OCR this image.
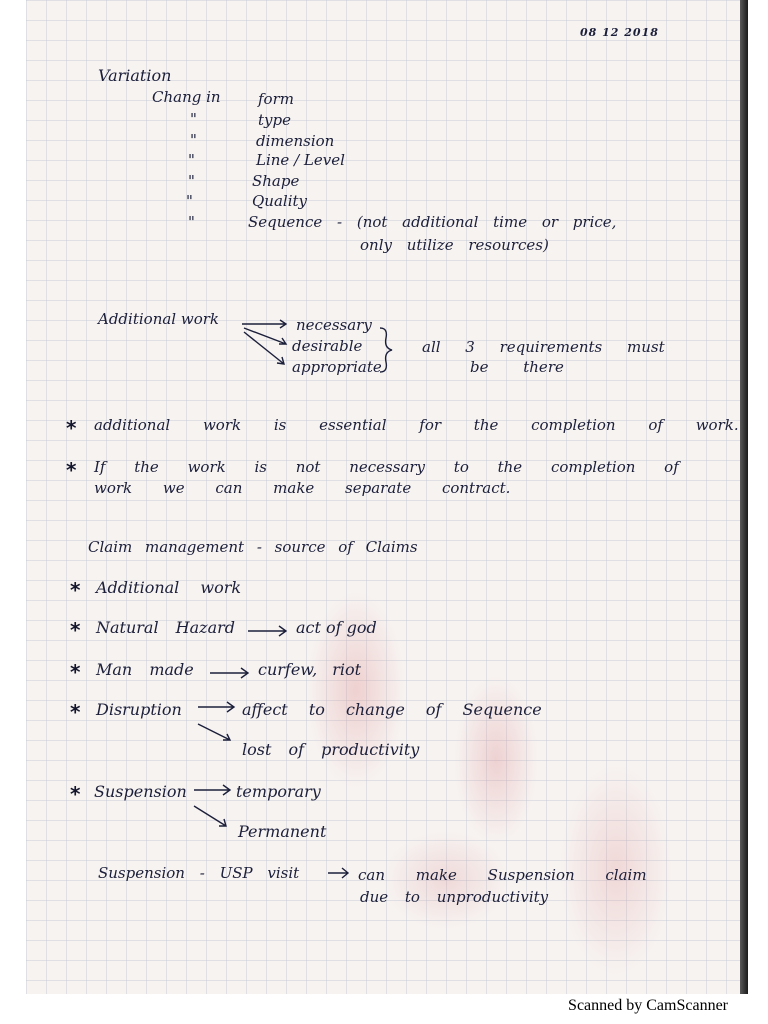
08 12 2018
Variation
Chang in form
"	type
"	dimension
"	Line / Level
"	Shape
"	Quality
"	Sequence - (not additional time or price,
only utilize resources)
Additional work	necessary
desirable
appropriate
all 3 requirements must
be there
* additional work is essential for the completion of work.
* If the work is not necessary to the completion of
work we can make separate contract.
Claim management - source of Claims
* Additional work
* Natural Hazard	act of god
* Man made	curfew, riot
* Disruption	affect to change of Sequence
lost of productivity
* Suspension	temporary
Permanent
Suspension - USP visit	can make Suspension claim
due to unproductivity
Scanned by CamScanner
